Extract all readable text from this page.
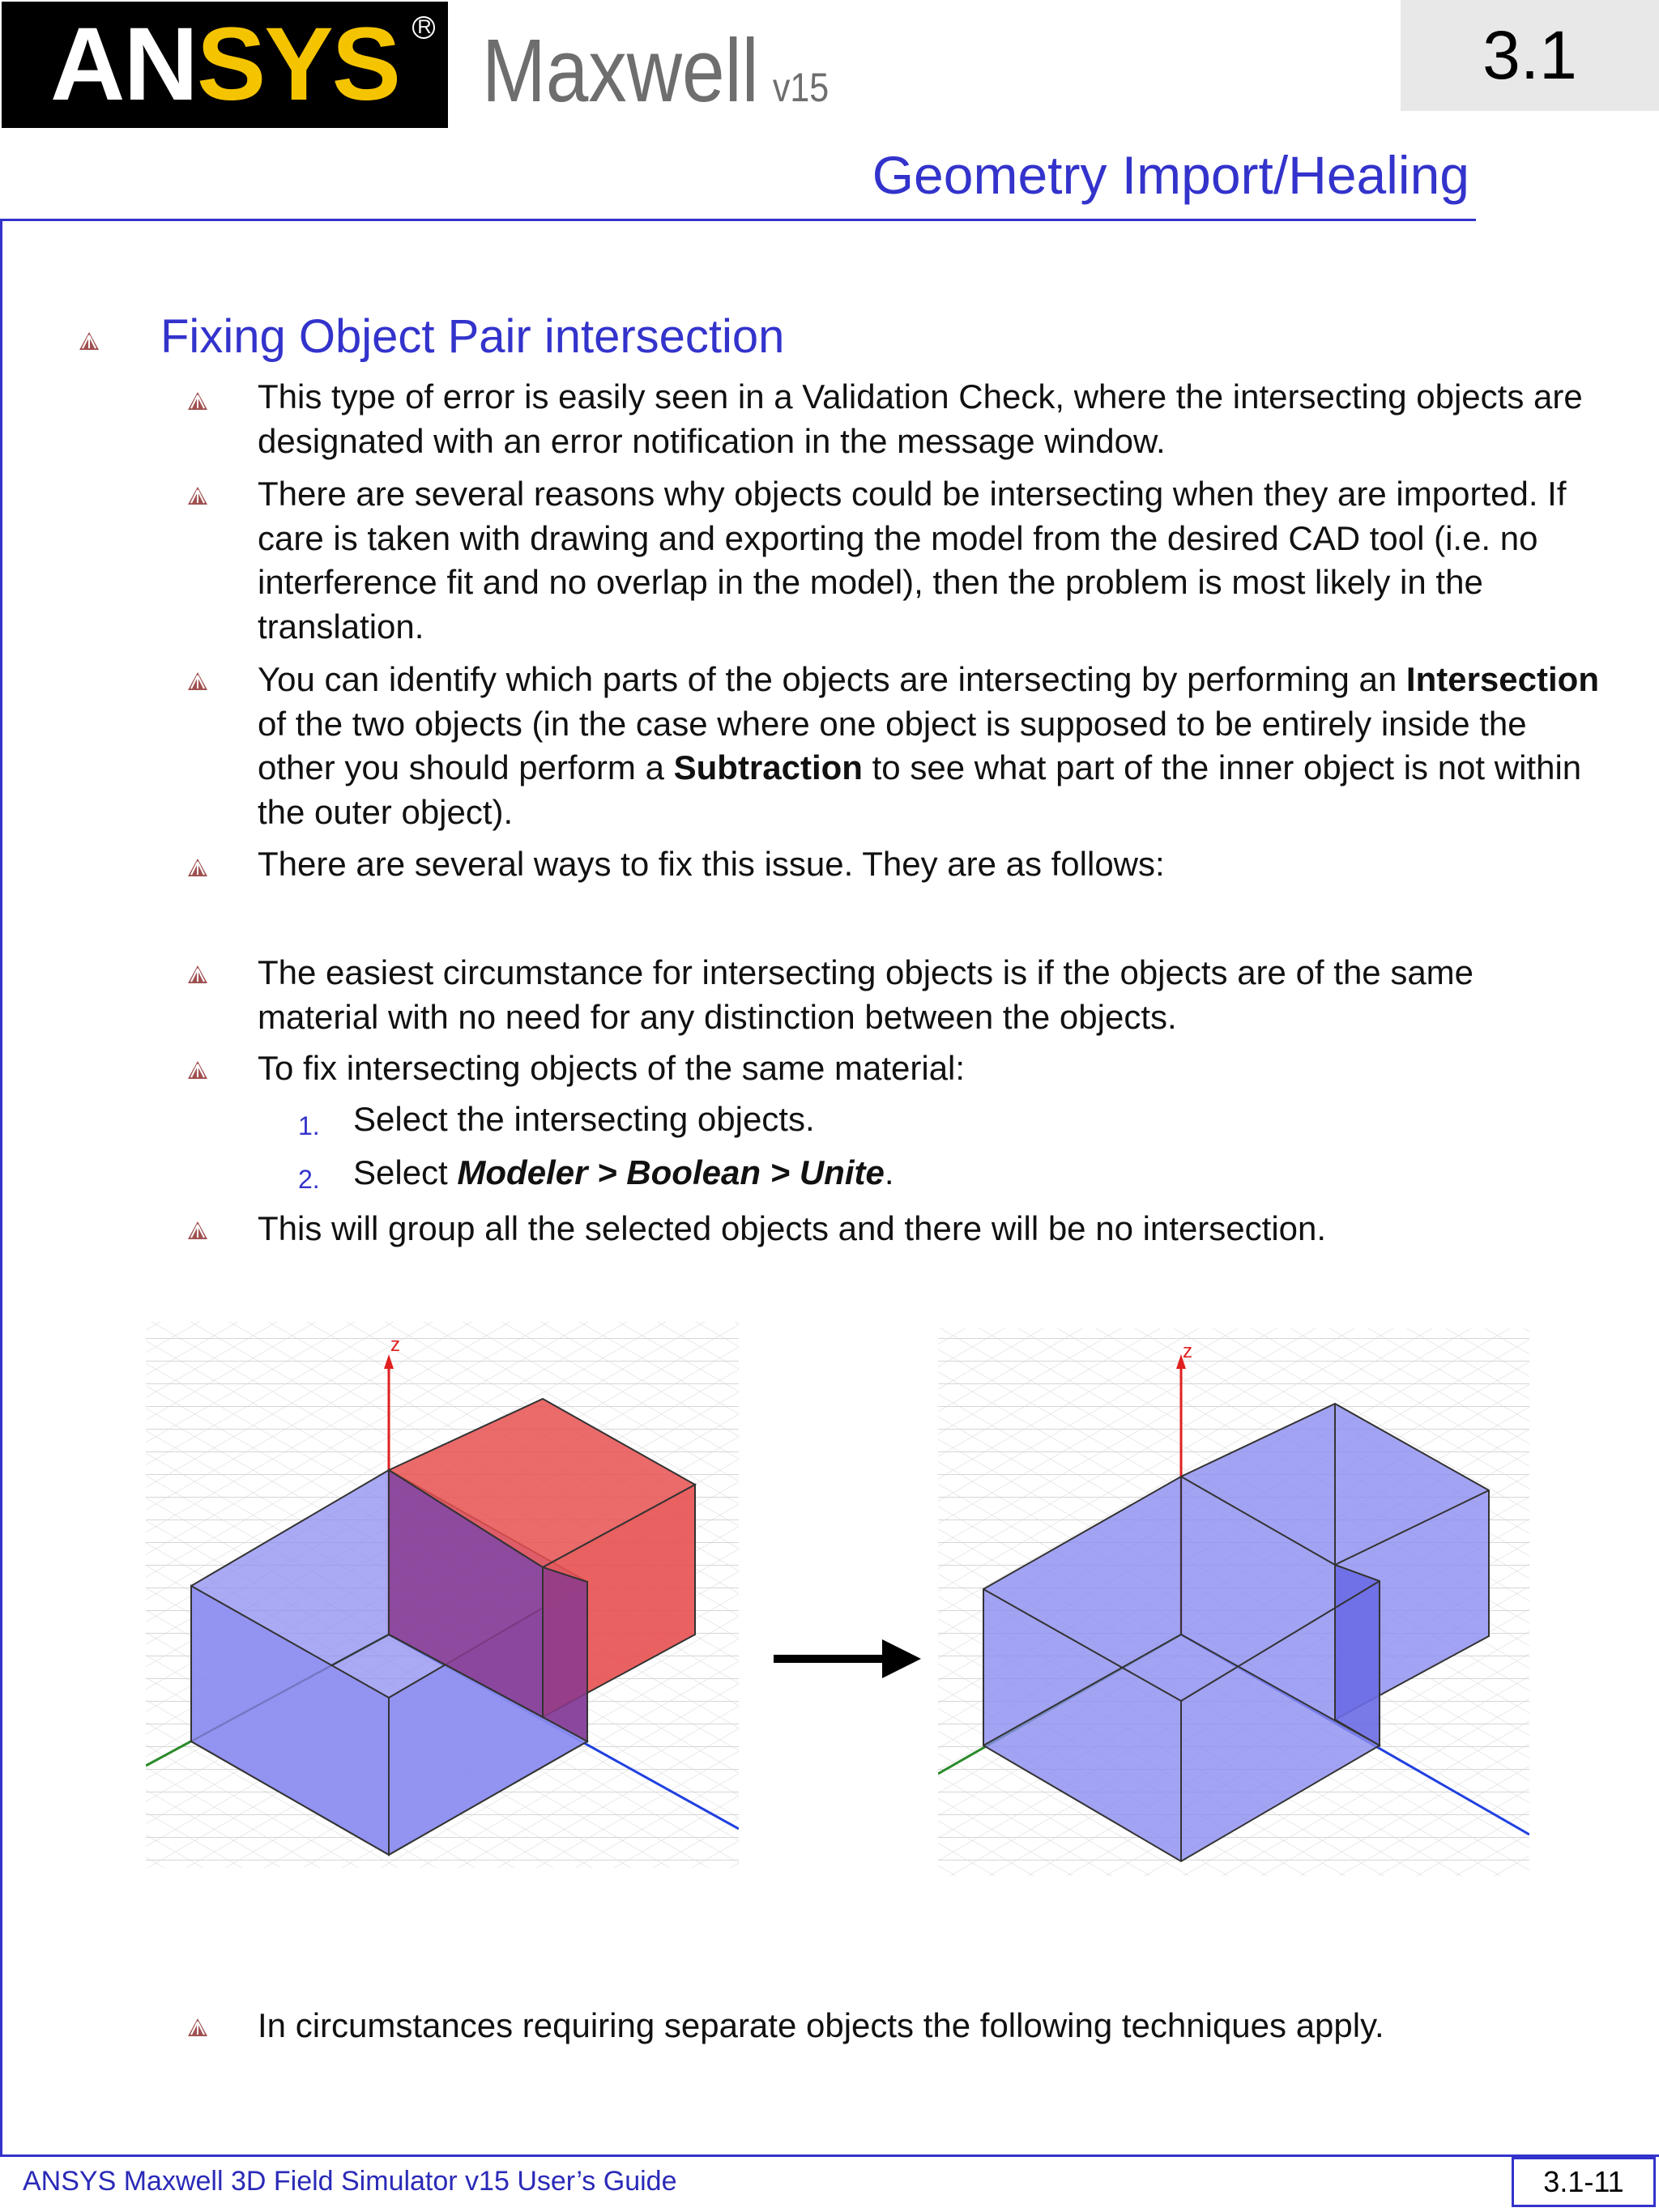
AN SYS R Maxwell v15	3.1
Geometry Import/Healing
Fixing Object Pair intersection
This type of error is easily seen in a Validation Check, where the intersecting objects are designated with an error notification in the message window.
There are several reasons why objects could be intersecting when they are imported. If care is taken with drawing and exporting the model from the desired CAD tool (i.e. no interference fit and no overlap in the model), then the problem is most likely in the translation.
You can identify which parts of the objects are intersecting by performing an Intersection of the two objects (in the case where one object is supposed to be entirely inside the other you should perform a Subtraction to see what part of the inner object is not within the outer object).
There are several ways to fix this issue. They are as follows:
The easiest circumstance for intersecting objects is if the objects are of the same material with no need for any distinction between the objects.
To fix intersecting objects of the same material:
1. Select the intersecting objects.
2. Select Modeler > Boolean > Unite.
This will group all the selected objects and there will be no intersection.
z	z
In circumstances requiring separate objects the following techniques apply.
ANSYS Maxwell 3D Field Simulator v15 User’s Guide	3.1-11
